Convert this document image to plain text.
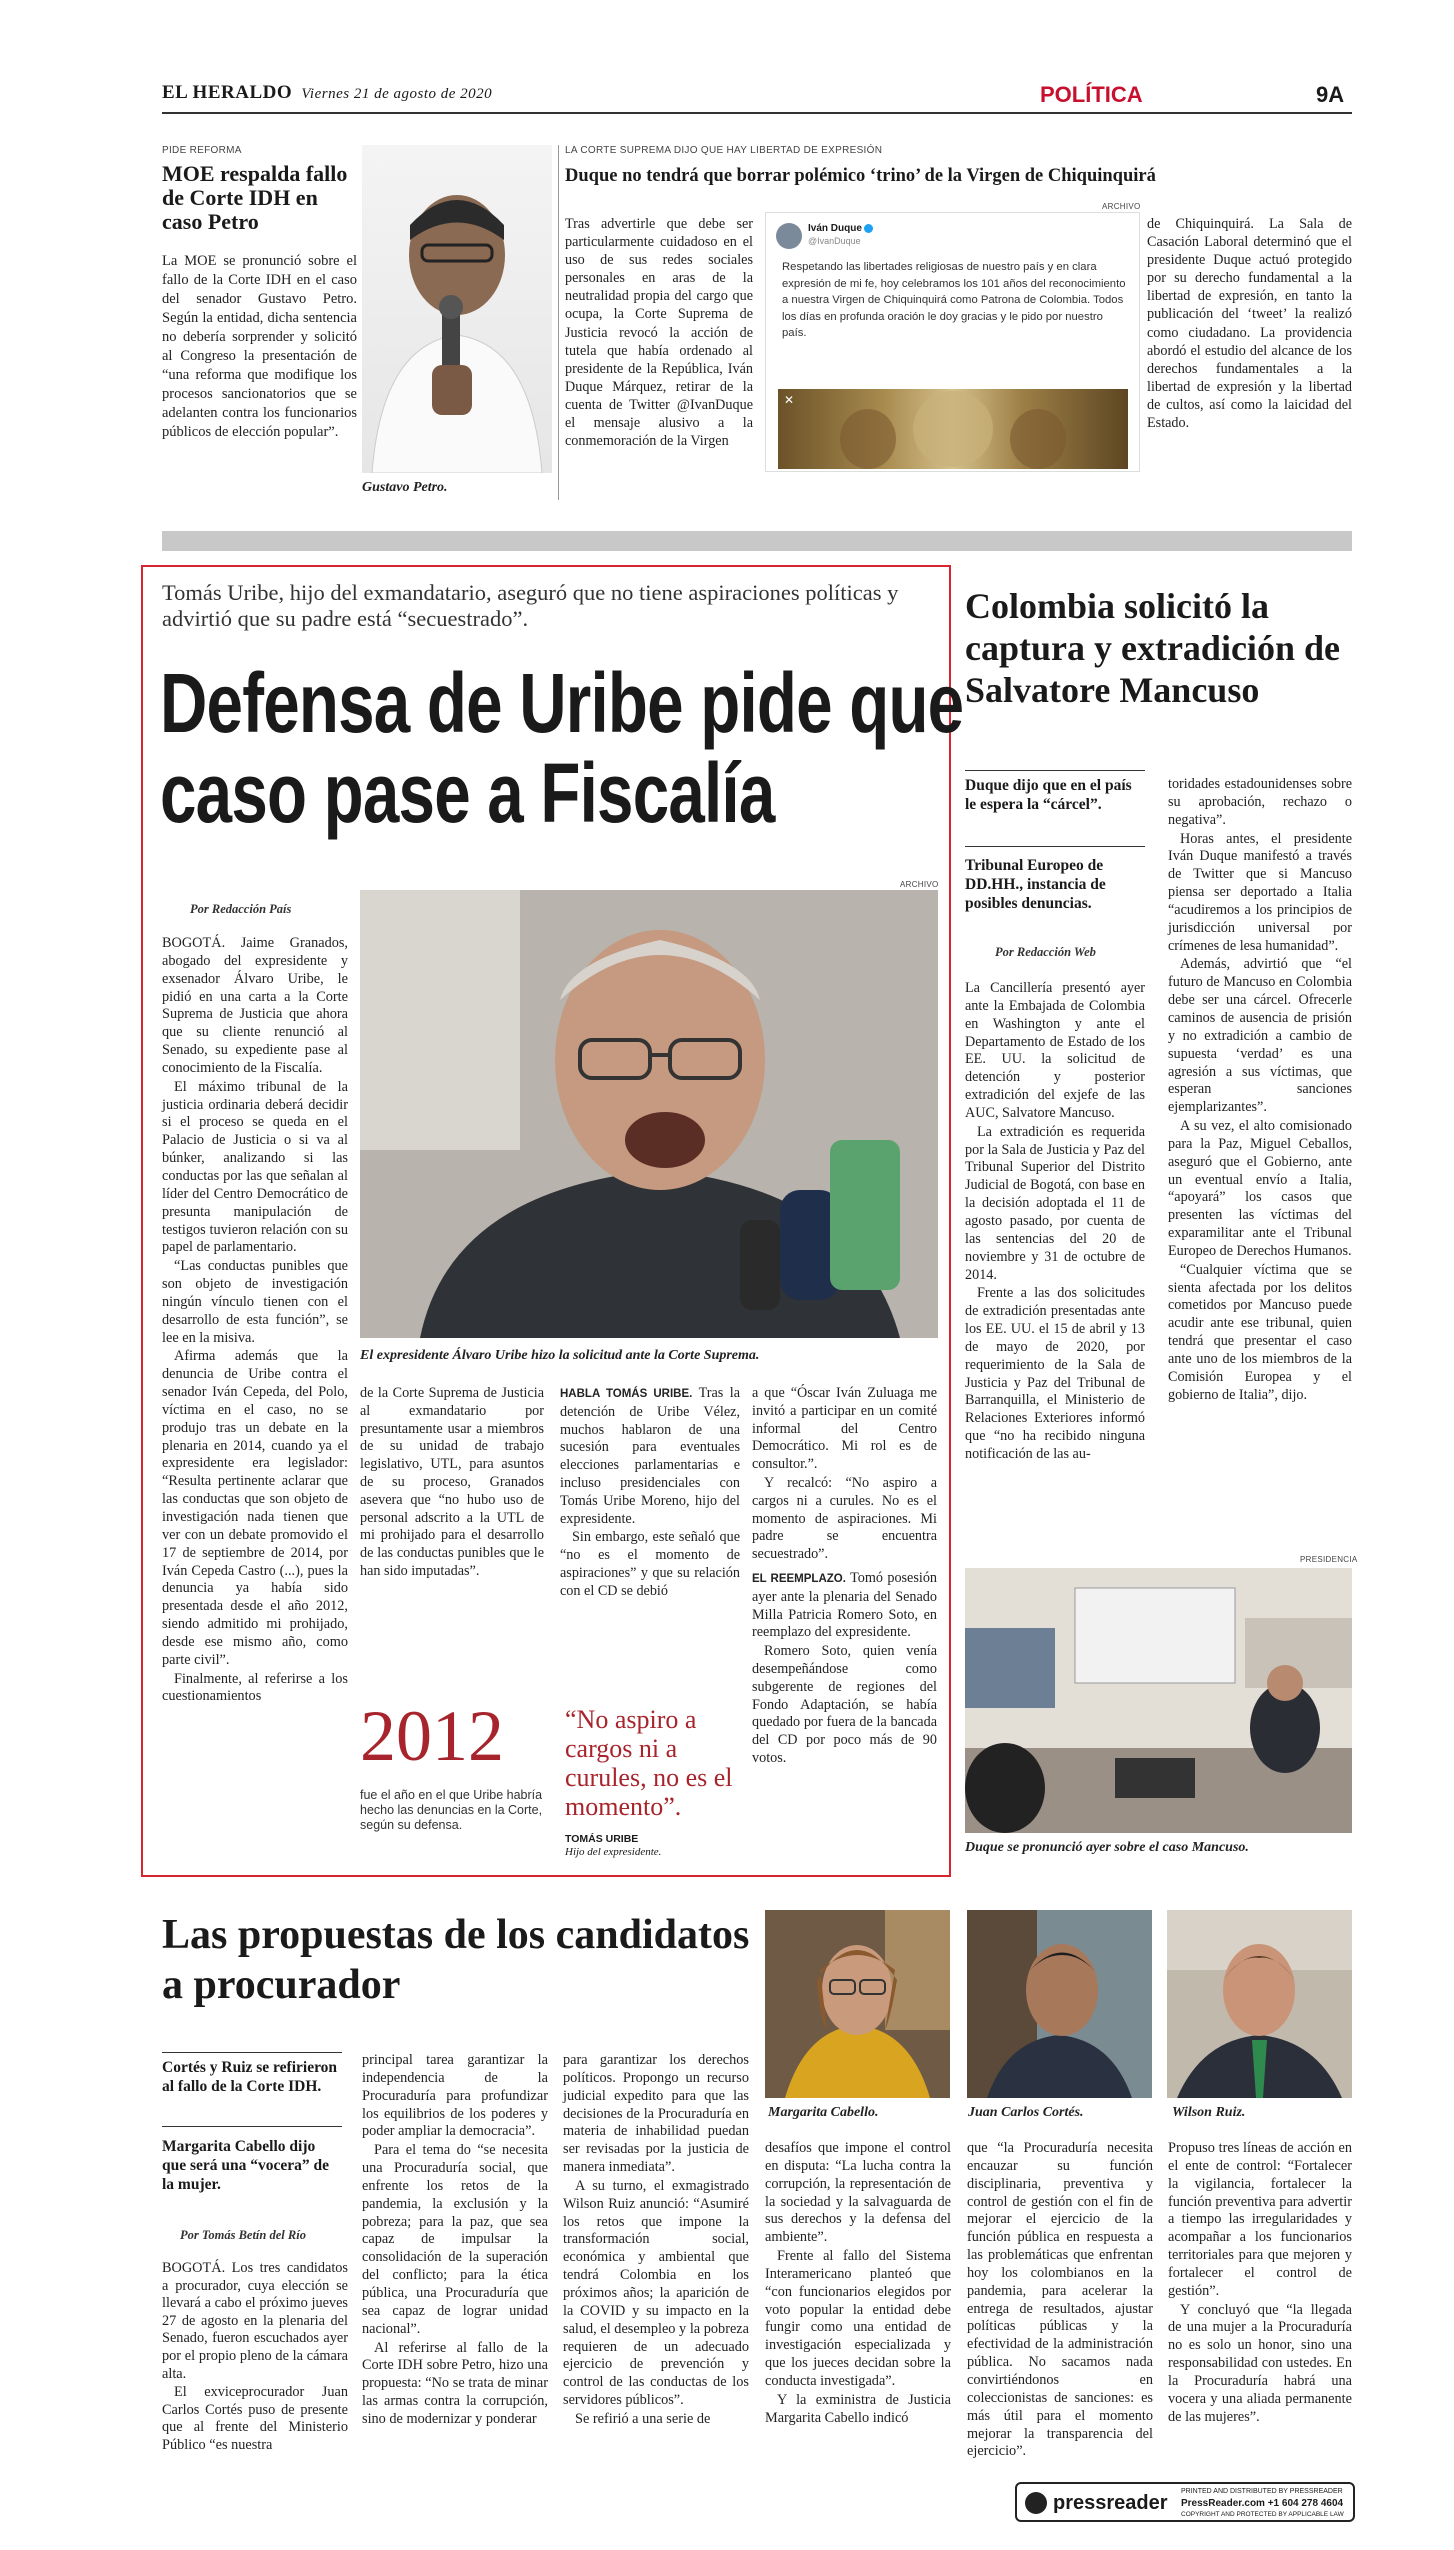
EL HERALDO Viernes 21 de agosto de 2020	POLÍTICA	9A
PIDE REFORMA
MOE respalda fallo de Corte IDH en caso Petro
La MOE se pronunció sobre el fallo de la Corte IDH en el caso del senador Gustavo Petro. Según la entidad, dicha sentencia no debería sorprender y solicitó al Congreso la presentación de “una reforma que modifique los procesos sancionatorios que se adelanten contra los funcionarios públicos de elección popular”.
Gustavo Petro.
LA CORTE SUPREMA DIJO QUE HAY LIBERTAD DE EXPRESIÓN
Duque no tendrá que borrar polémico ‘trino’ de la Virgen de Chiquinquirá
ARCHIVO
Tras advertirle que debe ser particularmente cuidadoso en el uso de sus redes sociales personales en aras de la neutralidad propia del cargo que ocupa, la Corte Suprema de Justicia revocó la acción de tutela que había ordenado al presidente de la República, Iván Duque Márquez, retirar de la cuenta de Twitter @IvanDuque el mensaje alusivo a la conmemoración de la Virgen
Iván Duque
@IvanDuque
Respetando las libertades religiosas de nuestro país y en clara expresión de mi fe, hoy celebramos los 101 años del reconocimiento a nuestra Virgen de Chiquinquirá como Patrona de Colombia. Todos los días en profunda oración le doy gracias y le pido por nuestro país.
✕
de Chiquinquirá. La Sala de Casación Laboral determinó que el presidente Duque actuó protegido por su derecho fundamental a la libertad de expresión, en tanto la publicación del ‘tweet’ la realizó como ciudadano. La providencia abordó el estudio del alcance de los derechos fundamentales a la libertad de expresión y la libertad de cultos, así como la laicidad del Estado.
Tomás Uribe, hijo del exmandatario, aseguró que no tiene aspiraciones políticas y advirtió que su padre está “secuestrado”.
Defensa de Uribe pide que caso pase a Fiscalía
ARCHIVO
Por Redacción País
El expresidente Álvaro Uribe hizo la solicitud ante la Corte Suprema.

BOGOTÁ. Jaime Granados, abogado del expresidente y exsenador Álvaro Uribe, le pidió en una carta a la Corte Suprema de Justicia que ahora que su cliente renunció al Senado, su expediente pase al conocimiento de la Fiscalía.

El máximo tribunal de la justicia ordinaria deberá decidir si el proceso se queda en el Palacio de Justicia o si va al búnker, analizando si las conductas por las que señalan al líder del Centro Democrático de presunta manipulación de testigos tuvieron relación con su papel de parlamentario.

“Las conductas punibles que son objeto de investigación ningún vínculo tienen con el desarrollo de esta función”, se lee en la misiva.

Afirma además que la denuncia de Uribe contra el senador Iván Cepeda, del Polo, víctima en el caso, no se produjo tras un debate en la plenaria en 2014, cuando ya el expresidente era legislador: “Resulta pertinente aclarar que las conductas que son objeto de investigación nada tienen que ver con un debate promovido el 17 de septiembre de 2014, por Iván Cepeda Castro (...), pues la denuncia ya había sido presentada desde el año 2012, siendo admitido mi prohijado, desde ese mismo año, como parte civil”.

Finalmente, al referirse a los cuestionamientos

de la Corte Suprema de Justicia al exmandatario por presuntamente usar a miembros de su unidad de trabajo legislativo, UTL, para asuntos de su proceso, Granados asevera que “no hubo uso de personal adscrito a la UTL de mi prohijado para el desarrollo de las conductas punibles que le han sido imputadas”.

HABLA TOMÁS URIBE. Tras la detención de Uribe Vélez, muchos hablaron de una sucesión para eventuales elecciones parlamentarias e incluso presidenciales con Tomás Uribe Moreno, hijo del expresidente.

Sin embargo, este señaló que “no es el momento de aspiraciones” y que su relación con el CD se debió

a que “Óscar Iván Zuluaga me invitó a participar en un comité informal del Centro Democrático. Mi rol es de consultor.”.

Y recalcó: “No aspiro a cargos ni a curules. No es el momento de aspiraciones. Mi padre se encuentra secuestrado”.

EL REEMPLAZO. Tomó posesión ayer ante la plenaria del Senado Milla Patricia Romero Soto, en reemplazo del expresidente.

Romero Soto, quien venía desempeñándose como subgerente de regiones del Fondo Adaptación, se había quedado por fuera de la bancada del CD por poco más de 90 votos.

2012
fue el año en el que Uribe habría hecho las denuncias en la Corte, según su defensa.
“No aspiro a cargos ni a curules, no es el momento”.
TOMÁS URIBE
Hijo del expresidente.
Colombia solicitó la captura y extradición de Salvatore Mancuso
Duque dijo que en el país le espera la “cárcel”.
Tribunal Europeo de DD.HH., instancia de posibles denuncias.
Por Redacción Web

La Cancillería presentó ayer ante la Embajada de Colombia en Washington y ante el Departamento de Estado de los EE. UU. la solicitud de detención y posterior extradición del exjefe de las AUC, Salvatore Mancuso.

La extradición es requerida por la Sala de Justicia y Paz del Tribunal Superior del Distrito Judicial de Bogotá, con base en la decisión adoptada el 11 de agosto pasado, por cuenta de las sentencias del 20 de noviembre y 31 de octubre de 2014.

Frente a las dos solicitudes de extradición presentadas ante los EE. UU. el 15 de abril y 13 de mayo de 2020, por requerimiento de la Sala de Justicia y Paz del Tribunal de Barranquilla, el Ministerio de Relaciones Exteriores informó que “no ha recibido ninguna notificación de las au-

toridades estadounidenses sobre su aprobación, rechazo o negativa”.

Horas antes, el presidente Iván Duque manifestó a través de Twitter que si Mancuso piensa ser deportado a Italia “acudiremos a los principios de jurisdicción universal por crímenes de lesa humanidad”.

Además, advirtió que “el futuro de Mancuso en Colombia debe ser una cárcel. Ofrecerle caminos de ausencia de prisión y no extradición a cambio de supuesta ‘verdad’ es una agresión a sus víctimas, que esperan sanciones ejemplarizantes”.

A su vez, el alto comisionado para la Paz, Miguel Ceballos, aseguró que el Gobierno, ante un eventual envío a Italia, “apoyará” los casos que presenten las víctimas del exparamilitar ante el Tribunal Europeo de Derechos Humanos.

“Cualquier víctima que se sienta afectada por los delitos cometidos por Mancuso puede acudir ante ese tribunal, quien tendrá que presentar el caso ante uno de los miembros de la Comisión Europea y el gobierno de Italia”, dijo.

PRESIDENCIA
Duque se pronunció ayer sobre el caso Mancuso.
Las propuestas de los candidatos a procurador
Margarita Cabello.	Juan Carlos Cortés.	Wilson Ruiz.
Cortés y Ruiz se refirieron al fallo de la Corte IDH.
Margarita Cabello dijo que será una “vocera” de la mujer.
Por Tomás Betín del Río

BOGOTÁ. Los tres candidatos a procurador, cuya elección se llevará a cabo el próximo jueves 27 de agosto en la plenaria del Senado, fueron escuchados ayer por el propio pleno de la cámara alta.

El exviceprocurador Juan Carlos Cortés puso de presente que al frente del Ministerio Público “es nuestra

principal tarea garantizar la independencia de la Procuraduría para profundizar los equilibrios de los poderes y poder ampliar la democracia”.

Para el tema do “se necesita una Procuraduría social, que enfrente los retos de la pandemia, la exclusión y la pobreza; para la paz, que sea capaz de impulsar la consolidación de la superación del conflicto; para la ética pública, una Procuraduría que sea capaz de lograr unidad nacional”.

Al referirse al fallo de la Corte IDH sobre Petro, hizo una propuesta: “No se trata de minar las armas contra la corrupción, sino de modernizar y ponderar

para garantizar los derechos políticos. Propongo un recurso judicial expedito para que las decisiones de la Procuraduría en materia de inhabilidad puedan ser revisadas por la justicia de manera inmediata”.

A su turno, el exmagistrado Wilson Ruiz anunció: “Asumiré los retos que impone la transformación social, económica y ambiental que tendrá Colombia en los próximos años; la aparición de la COVID y su impacto en la salud, el desempleo y la pobreza requieren de un adecuado ejercicio de prevención y control de las conductas de los servidores públicos”.

Se refirió a una serie de

desafíos que impone el control en disputa: “La lucha contra la corrupción, la representación de la sociedad y la salvaguarda de sus derechos y la defensa del ambiente”.

Frente al fallo del Sistema Interamericano planteó que “con funcionarios elegidos por voto popular la entidad debe fungir como una entidad de investigación especializada y que los jueces decidan sobre la conducta investigada”.

Y la exministra de Justicia Margarita Cabello indicó

que “la Procuraduría necesita encauzar su función disciplinaria, preventiva y control de gestión con el fin de mejorar el ejercicio de la función pública en respuesta a las problemáticas que enfrentan hoy los colombianos en la pandemia, para acelerar la entrega de resultados, ajustar políticas públicas y la efectividad de la administración pública. No sacamos nada convirtiéndonos en coleccionistas de sanciones: es más útil para el momento mejorar la transparencia del ejercicio”.

Propuso tres líneas de acción en el ente de control: “Fortalecer la vigilancia, fortalecer la función preventiva para advertir a tiempo las irregularidades y acompañar a los funcionarios territoriales para que mejoren y fortalecer el control de gestión”.

Y concluyó que “la llegada de una mujer a la Procuraduría no es solo un honor, sino una responsabilidad con ustedes. En la Procuraduría habrá una vocera y una aliada permanente de las mujeres”.

pressreader
PRINTED AND DISTRIBUTED BY PRESSREADER
PressReader.com +1 604 278 4604
COPYRIGHT AND PROTECTED BY APPLICABLE LAW
